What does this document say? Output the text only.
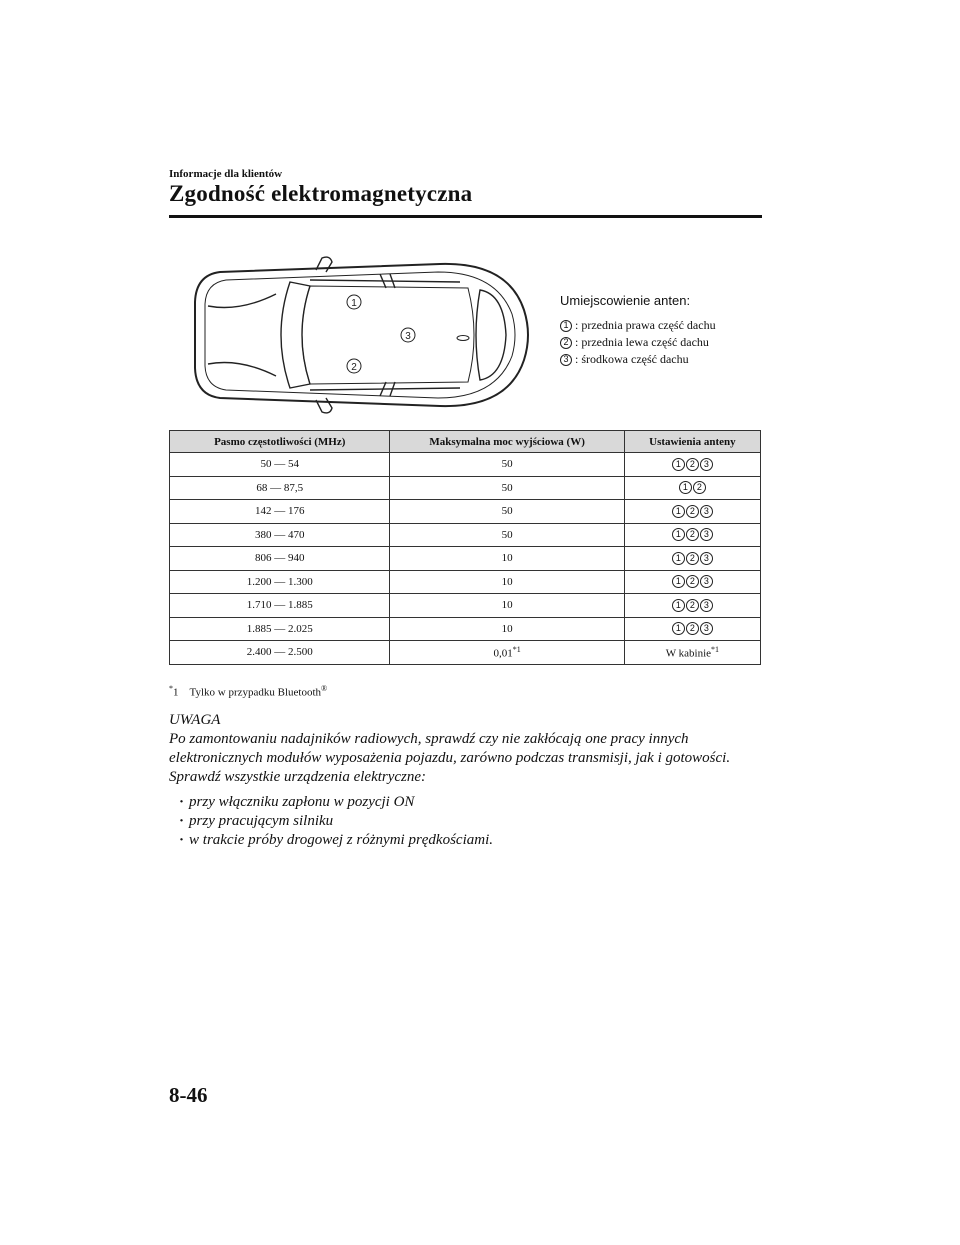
Informacje dla klientów
Zgodność elektromagnetyczna
1
2
3
Umiejscowienie anten:
1 : przednia prawa część dachu
2 : przednia lewa część dachu
3 : środkowa część dachu
Pasmo częstotliwości (MHz)	Maksymalna moc wyjściowa (W)	Ustawienia anteny
50 ― 54	50	1 2 3

68 ― 87,5	50	1 2

142 ― 176	50	1 2 3

380 ― 470	50	1 2 3

806 ― 940	10	1 2 3

1.200 ― 1.300	10	1 2 3

1.710 ― 1.885	10	1 2 3

1.885 ― 2.025	10	1 2 3

2.400 ― 2.500	0,01$^{*1}$	W kabinie$^{*1}$
*1 Tylko w przypadku Bluetooth®

UWAGA

Po zamontowaniu nadajników radiowych, sprawdź czy nie zakłócają one pracy innych elektronicznych modułów wyposażenia pojazdu, zarówno podczas transmisji, jak i gotowości.

Sprawdź wszystkie urządzenia elektryczne:

· przy włączniku zapłonu w pozycji ON
· przy pracującym silniku
· w trakcie próby drogowej z różnymi prędkościami.
8-46
